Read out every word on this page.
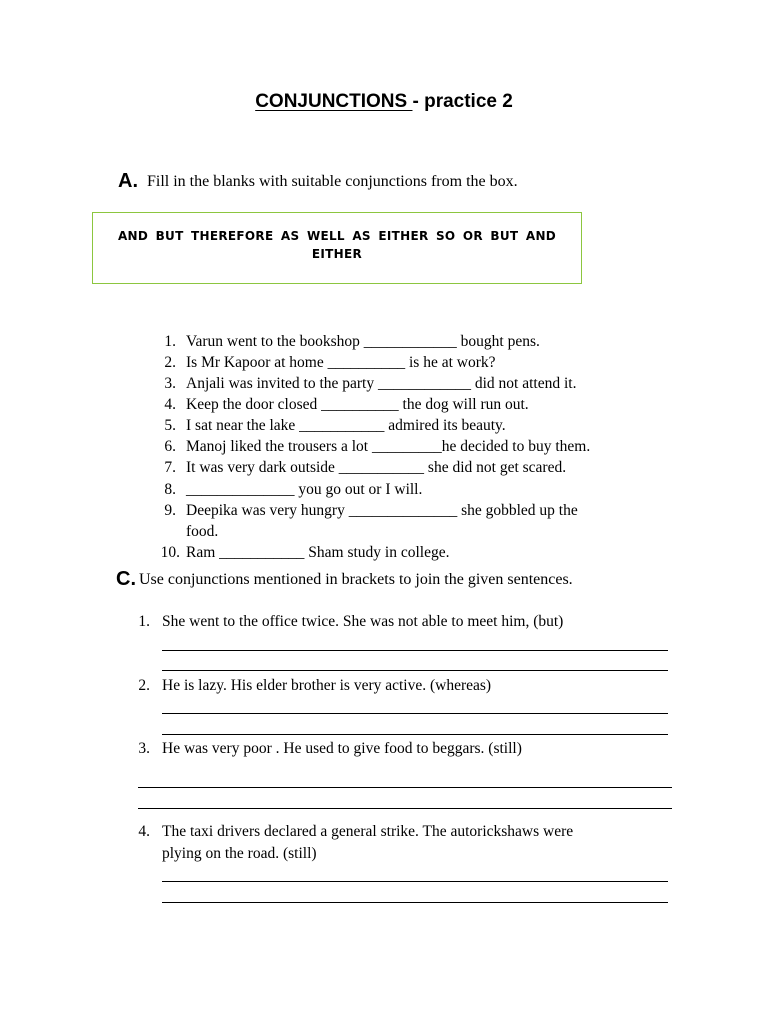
CONJUNCTIONS - practice 2
A. Fill in the blanks with suitable conjunctions from the box.
AND BUT THEREFORE AS WELL AS EITHER SO OR BUT AND EITHER
1. Varun went to the bookshop ____________ bought pens.
2. Is Mr Kapoor at home __________ is he at work?
3. Anjali was invited to the party ____________ did not attend it.
4. Keep the door closed __________ the dog will run out.
5. I sat near the lake ___________ admired its beauty.
6. Manoj liked the trousers a lot _________he decided to buy them.
7. It was very dark outside ___________ she did not get scared.
8. ______________ you go out or I will.
9. Deepika was very hungry ______________ she gobbled up the
food.
10. Ram ___________ Sham study in college.
C. Use conjunctions mentioned in brackets to join the given sentences.
1. She went to the office twice. She was not able to meet him, (but)
2. He is lazy. His elder brother is very active. (whereas)
3. He was very poor . He used to give food to beggars. (still)
4. The taxi drivers declared a general strike. The autorickshaws were
plying on the road. (still)
